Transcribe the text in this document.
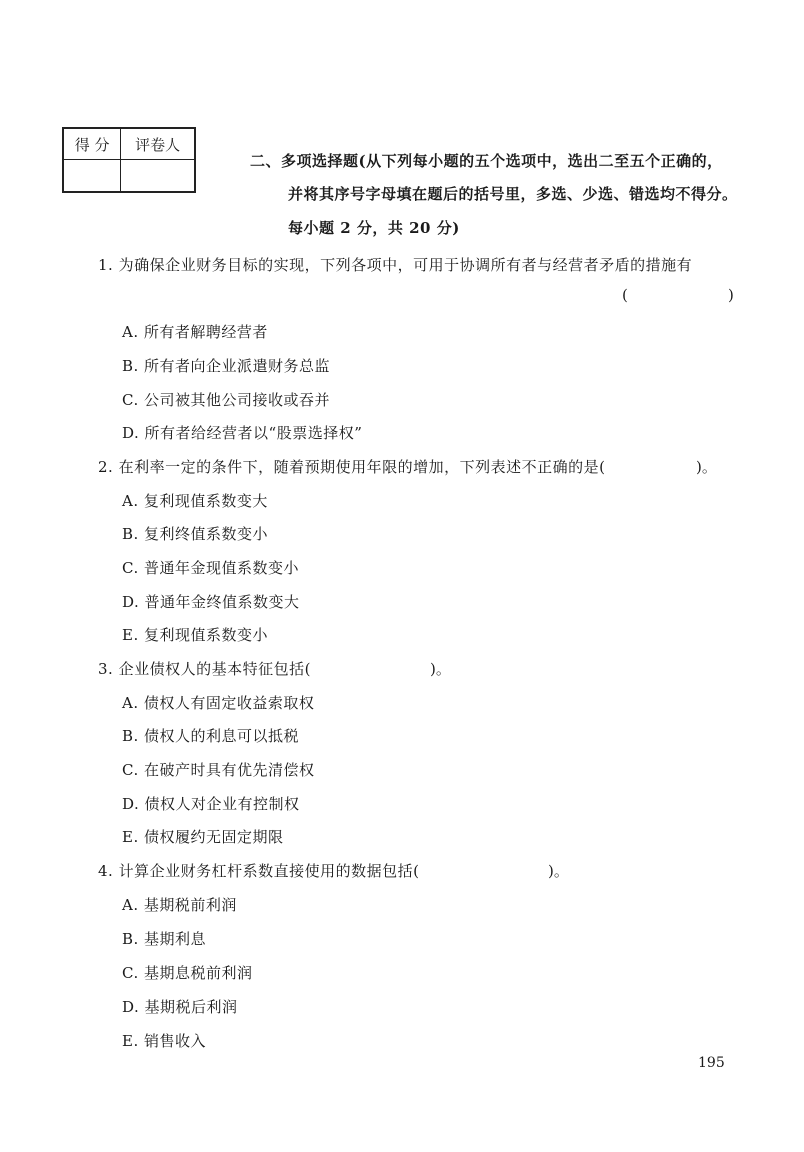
得 分	评卷人

二、多项选择题(从下列每小题的五个选项中，选出二至五个正确的，
并将其序号字母填在题后的括号里，多选、少选、错选均不得分。
每小题 2 分，共 20 分)
1. 为确保企业财务目标的实现，下列各项中，可用于协调所有者与经营者矛盾的措施有
(	)
A. 所有者解聘经营者
B. 所有者向企业派遣财务总监
C. 公司被其他公司接收或吞并
D. 所有者给经营者以“股票选择权”
2. 在利率一定的条件下，随着预期使用年限的增加，下列表述不正确的是(	)。
A. 复利现值系数变大
B. 复利终值系数变小
C. 普通年金现值系数变小
D. 普通年金终值系数变大
E. 复利现值系数变小
3. 企业债权人的基本特征包括(	)。
A. 债权人有固定收益索取权
B. 债权人的利息可以抵税
C. 在破产时具有优先清偿权
D. 债权人对企业有控制权
E. 债权履约无固定期限
4. 计算企业财务杠杆系数直接使用的数据包括(	)。
A. 基期税前利润
B. 基期利息
C. 基期息税前利润
D. 基期税后利润
E. 销售收入
195
